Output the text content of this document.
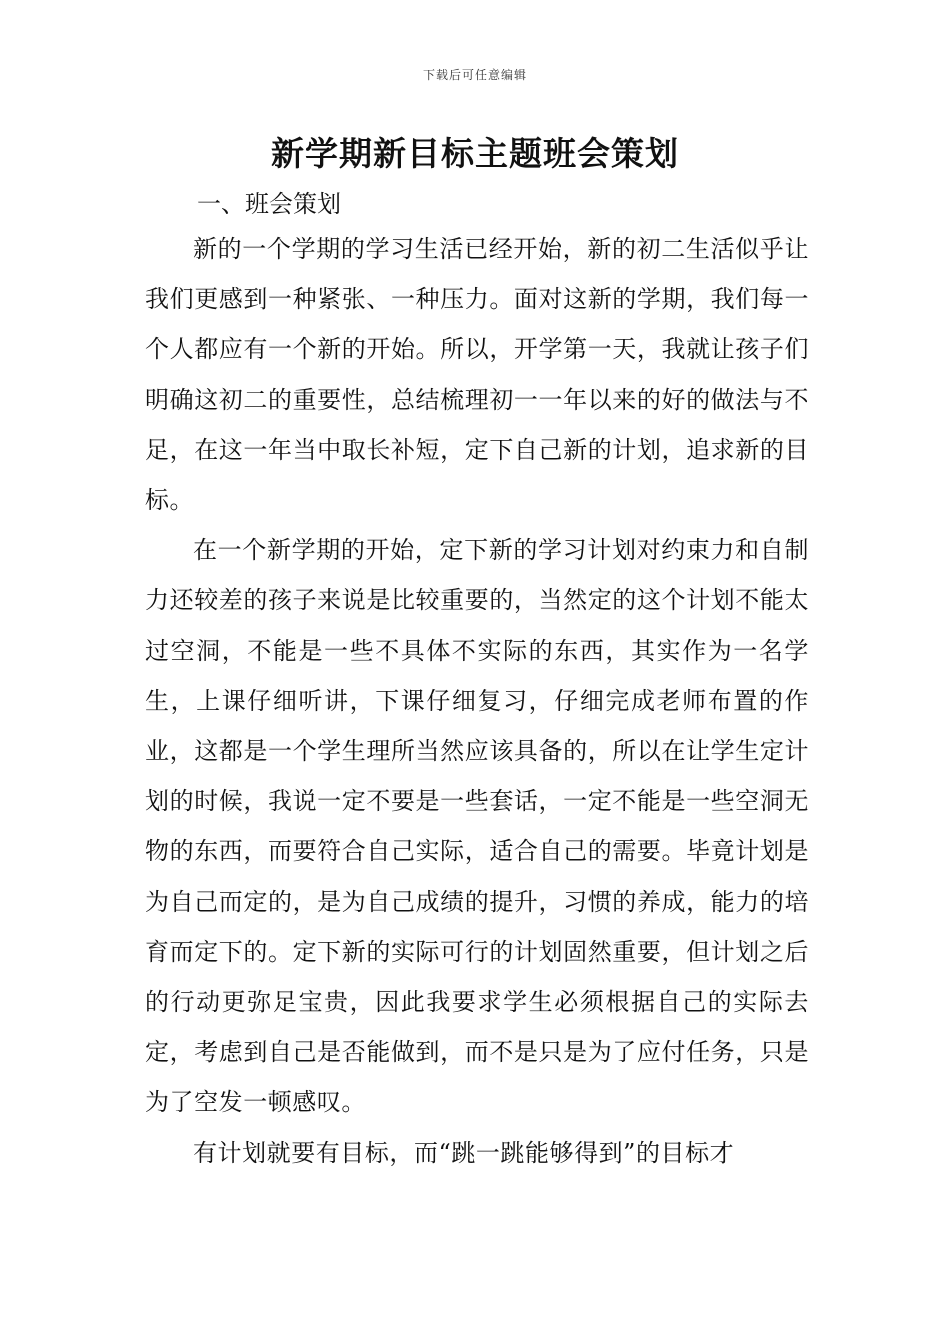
下载后可任意编辑
新学期新目标主题班会策划
一、班会策划

新的一个学期的学习生活已经开始，新的初二生活似乎让我们更感到一种紧张、一种压力。面对这新的学期，我们每一个人都应有一个新的开始。所以，开学第一天，我就让孩子们明确这初二的重要性，总结梳理初一一年以来的好的做法与不足，在这一年当中取长补短，定下自己新的计划，追求新的目标。

在一个新学期的开始，定下新的学习计划对约束力和自制力还较差的孩子来说是比较重要的，当然定的这个计划不能太过空洞，不能是一些不具体不实际的东西，其实作为一名学生，上课仔细听讲，下课仔细复习，仔细完成老师布置的作业，这都是一个学生理所当然应该具备的，所以在让学生定计划的时候，我说一定不要是一些套话，一定不能是一些空洞无物的东西，而要符合自己实际，适合自己的需要。毕竟计划是为自己而定的，是为自己成绩的提升，习惯的养成，能力的培育而定下的。定下新的实际可行的计划固然重要，但计划之后的行动更弥足宝贵，因此我要求学生必须根据自己的实际去定，考虑到自己是否能做到，而不是只是为了应付任务，只是为了空发一顿感叹。

有计划就要有目标，而“跳一跳能够得到”的目标才
